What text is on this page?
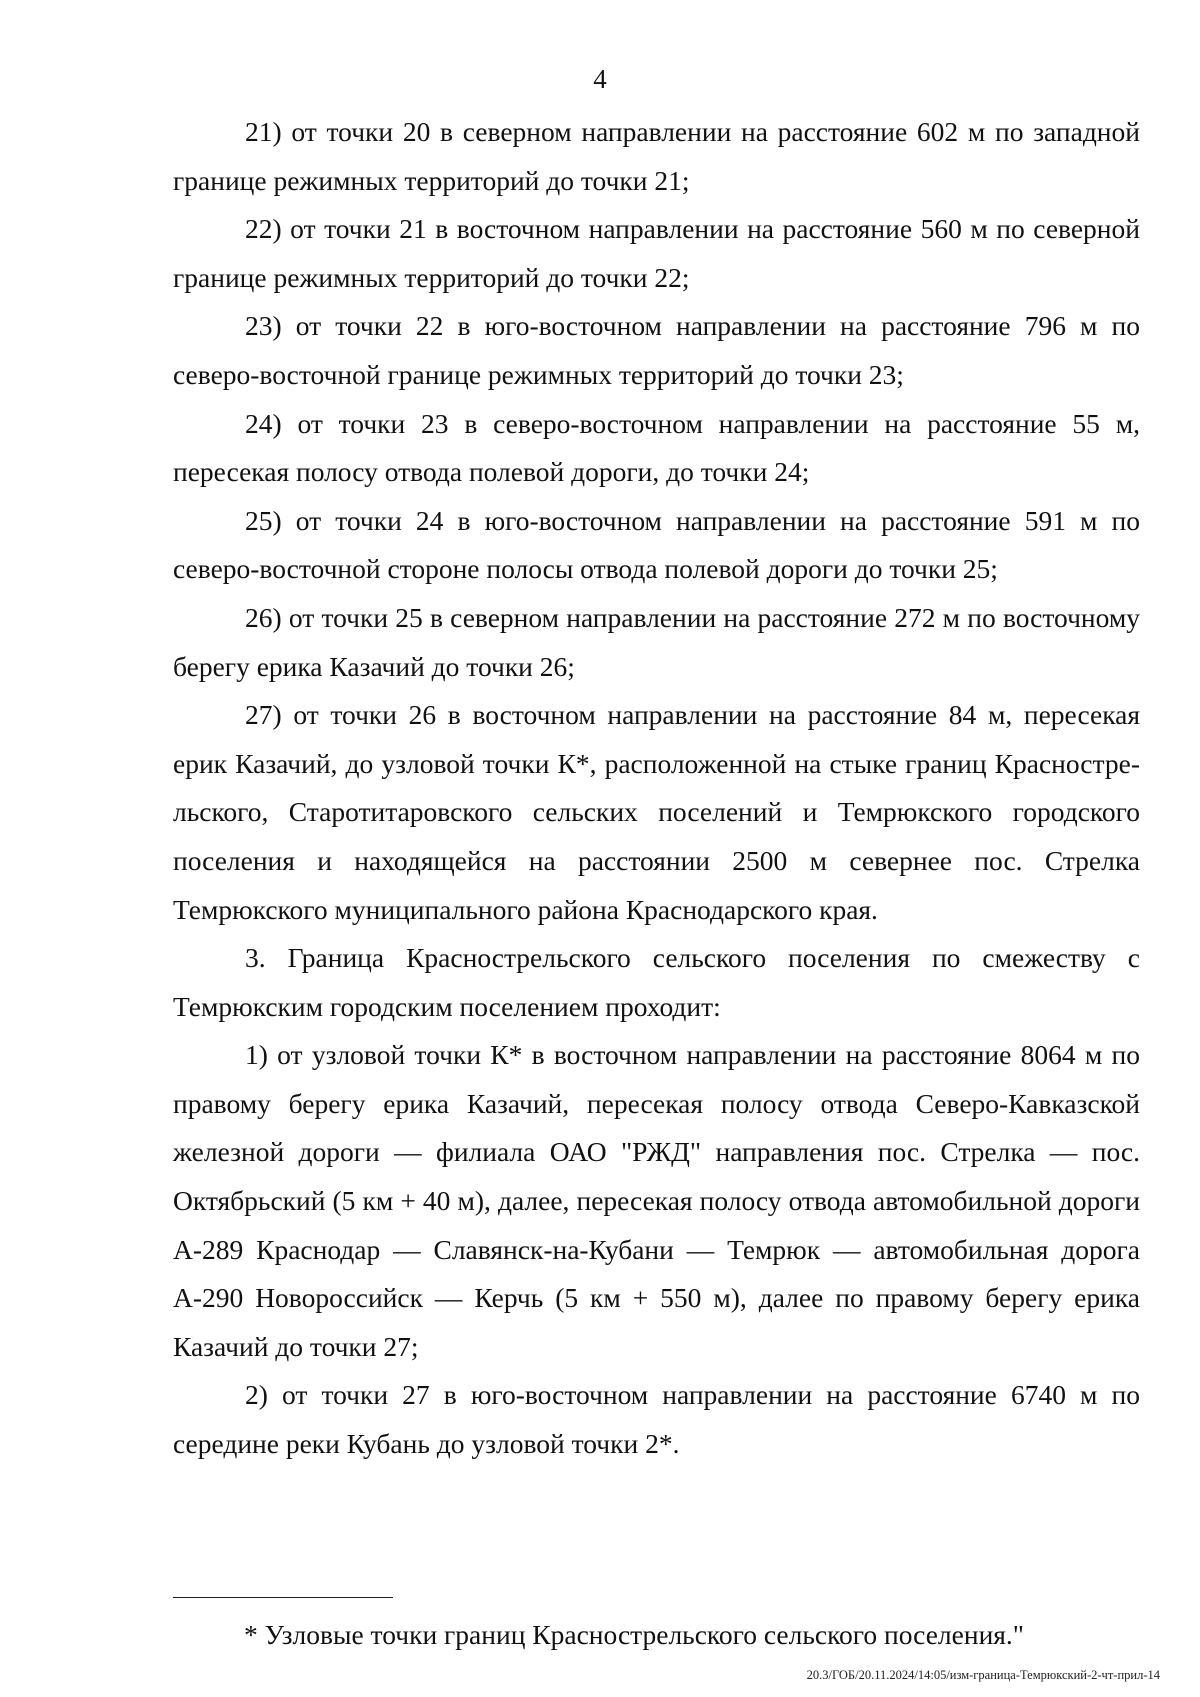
4

21) от точки 20 в северном направлении на расстояние 602 м по западной границе режимных территорий до точки 21;

22) от точки 21 в восточном направлении на расстояние 560 м по северной границе режимных территорий до точки 22;

23) от точки 22 в юго-восточном направлении на расстояние 796 м по северо-восточной границе режимных территорий до точки 23;

24) от точки 23 в северо-восточном направлении на расстояние 55 м, пересекая полосу отвода полевой дороги, до точки 24;

25) от точки 24 в юго-восточном направлении на расстояние 591 м по северо-восточной стороне полосы отвода полевой дороги до точки 25;

26) от точки 25 в северном направлении на расстояние 272 м по восточному берегу ерика Казачий до точки 26;

27) от точки 26 в восточном направлении на расстояние 84 м, пересекая ерик Казачий, до узловой точки К*, расположенной на стыке границ Краснострельского, Старотитаровского сельских поселений и Темрюкского городского поселения и находящейся на расстоянии 2500 м севернее пос. Стрелка Темрюкского муниципального района Краснодарского края.

3. Граница Краснострельского сельского поселения по смежеству с Темрюкским городским поселением проходит:

1) от узловой точки К* в восточном направлении на расстояние 8064 м по правому берегу ерика Казачий, пересекая полосу отвода Северо-Кавказской железной дороги — филиала ОАО "РЖД" направления пос. Стрелка — пос. Октябрьский (5 км + 40 м), далее, пересекая полосу отвода автомобильной дороги А-289 Краснодар — Славянск-на-Кубани — Темрюк — автомобильная дорога А-290 Новороссийск — Керчь (5 км + 550 м), далее по правому берегу ерика Казачий до точки 27;

2) от точки 27 в юго-восточном направлении на расстояние 6740 м по середине реки Кубань до узловой точки 2*.

* Узловые точки границ Краснострельского сельского поселения."
20.3/ГОБ/20.11.2024/14:05/изм-граница-Темрюкский-2-чт-прил-14
